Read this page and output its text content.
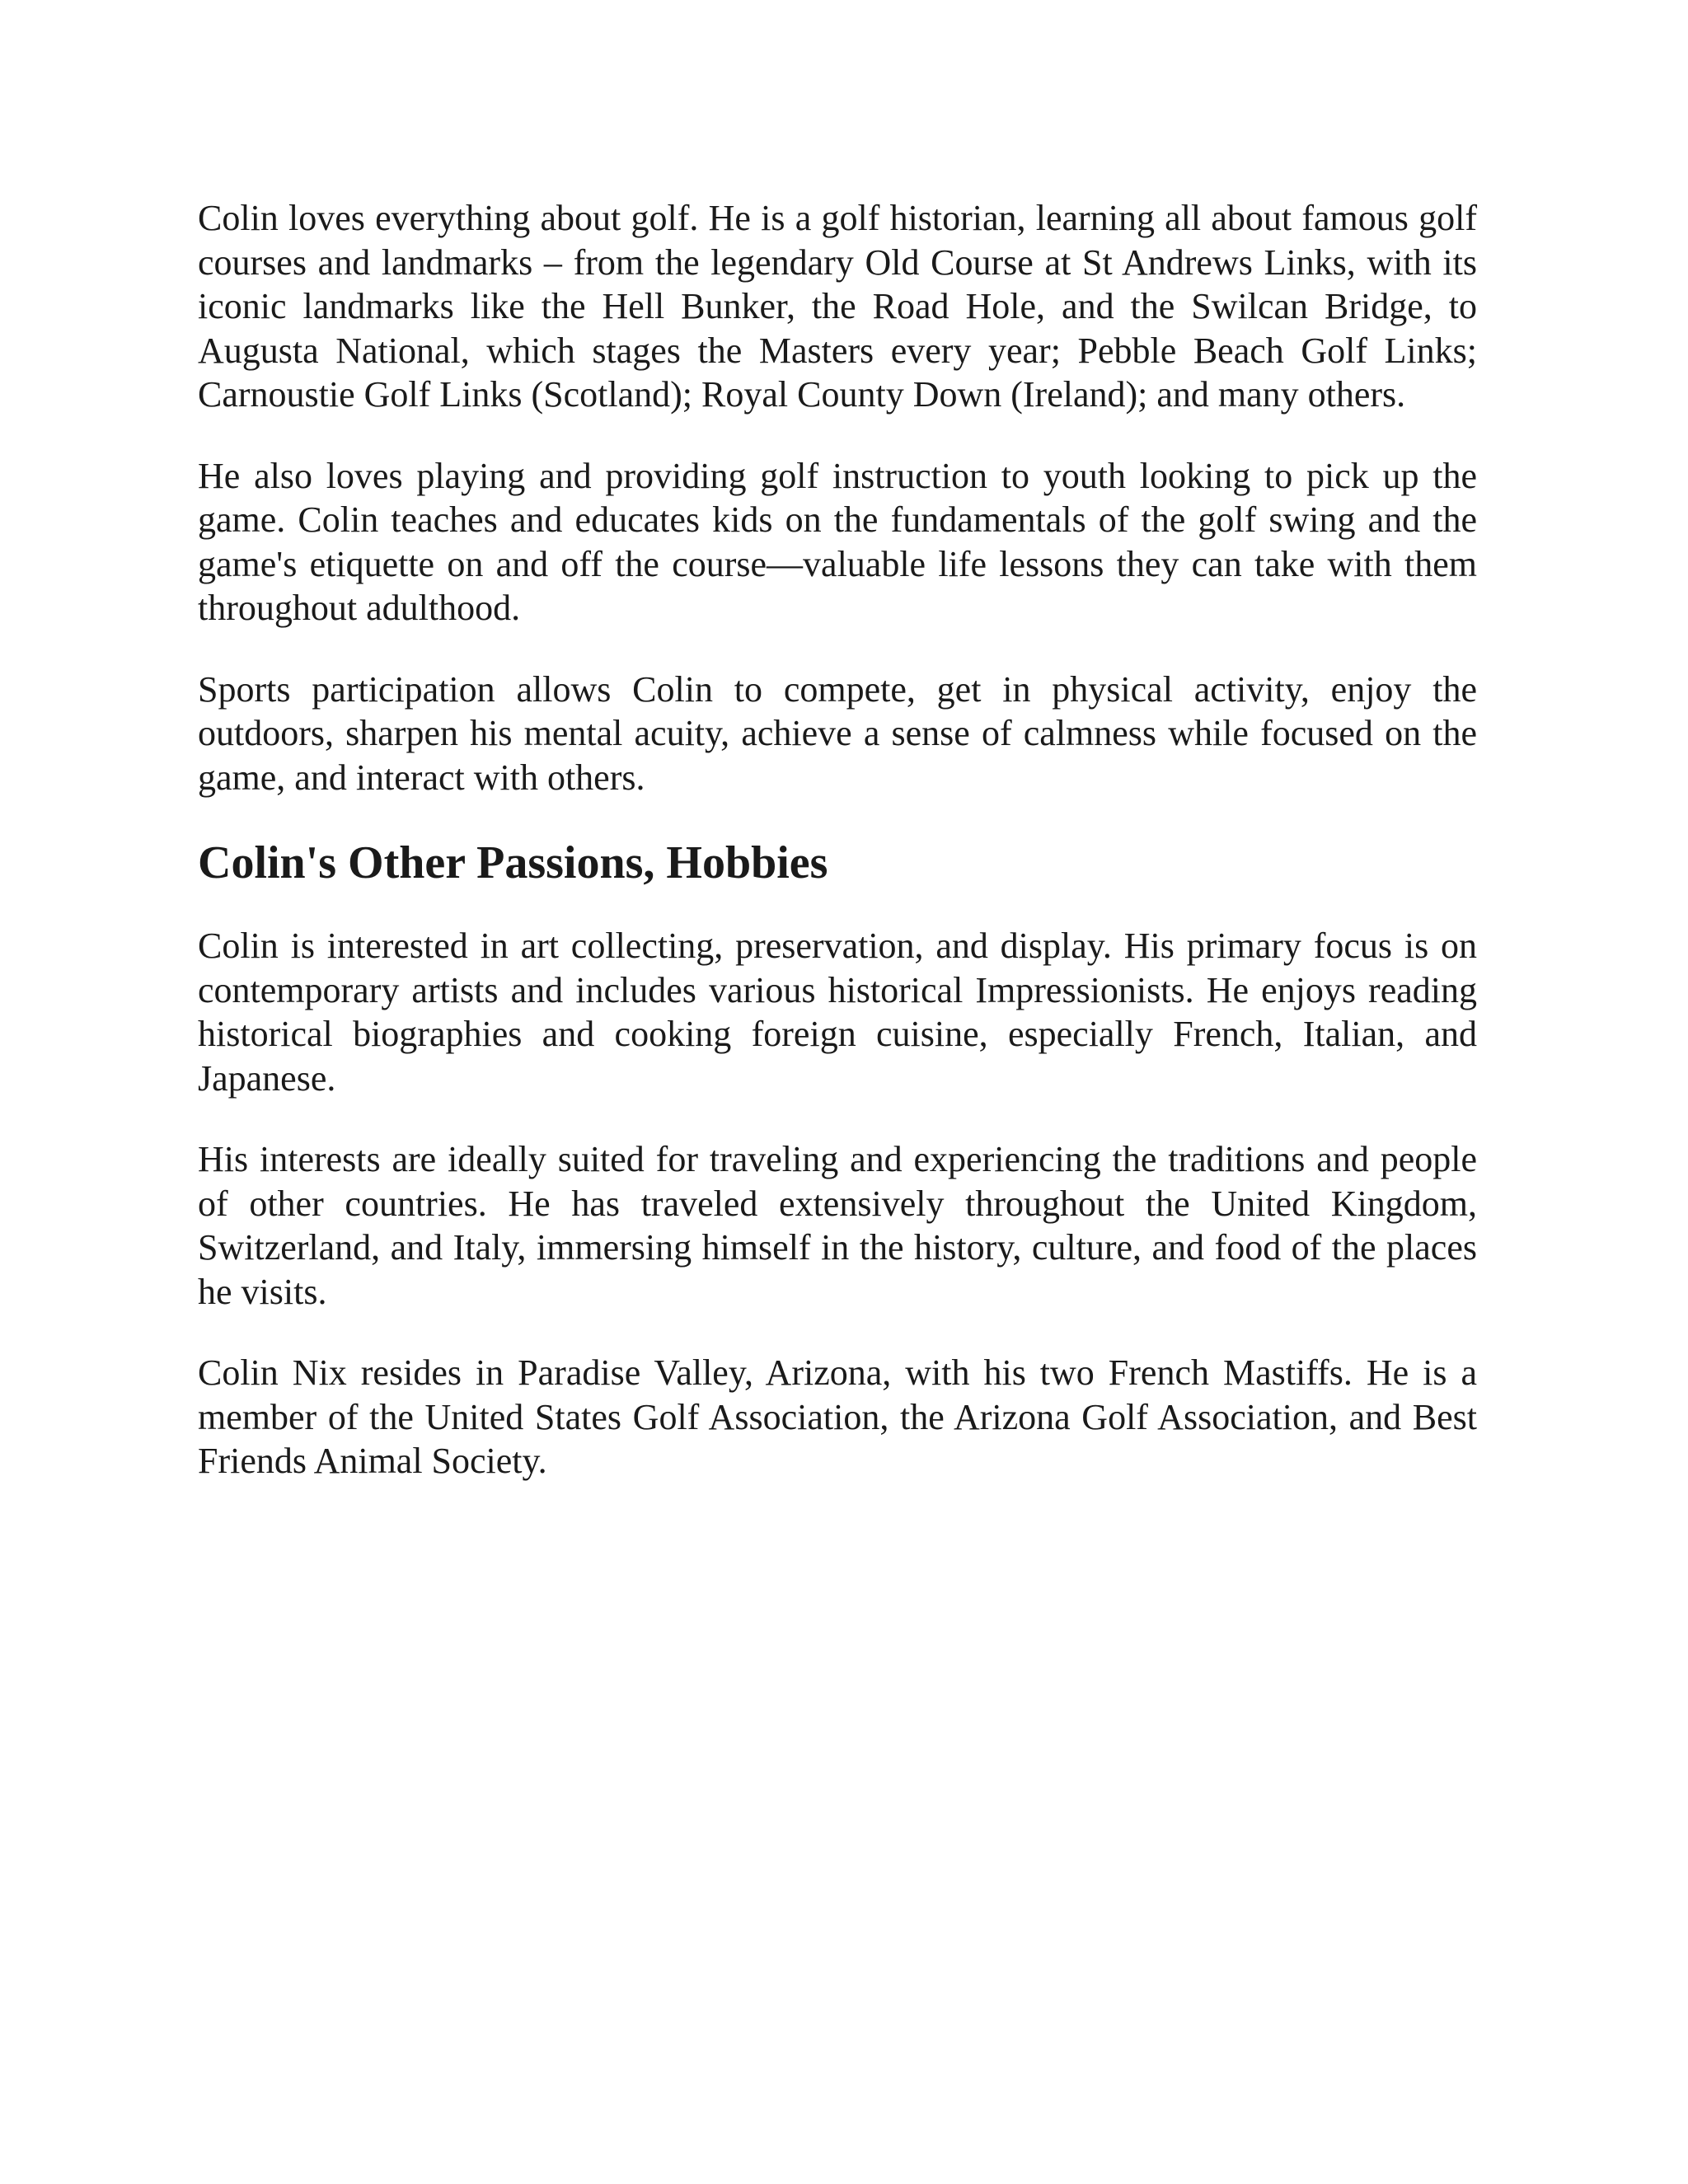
Colin loves everything about golf. He is a golf historian, learning all about famous golf courses and landmarks – from the legendary Old Course at St Andrews Links, with its iconic landmarks like the Hell Bunker, the Road Hole, and the Swilcan Bridge, to Augusta National, which stages the Masters every year; Pebble Beach Golf Links; Carnoustie Golf Links (Scotland); Royal County Down (Ireland); and many others.

He also loves playing and providing golf instruction to youth looking to pick up the game. Colin teaches and educates kids on the fundamentals of the golf swing and the game's etiquette on and off the course—valuable life lessons they can take with them throughout adulthood.

Sports participation allows Colin to compete, get in physical activity, enjoy the outdoors, sharpen his mental acuity, achieve a sense of calmness while focused on the game, and interact with others.

Colin's Other Passions, Hobbies

Colin is interested in art collecting, preservation, and display. His primary focus is on contemporary artists and includes various historical Impressionists. He enjoys reading historical biographies and cooking foreign cuisine, especially French, Italian, and Japanese.

His interests are ideally suited for traveling and experiencing the traditions and people of other countries. He has traveled extensively throughout the United Kingdom, Switzerland, and Italy, immersing himself in the history, culture, and food of the places he visits.

Colin Nix resides in Paradise Valley, Arizona, with his two French Mastiffs. He is a member of the United States Golf Association, the Arizona Golf Association, and Best Friends Animal Society.
